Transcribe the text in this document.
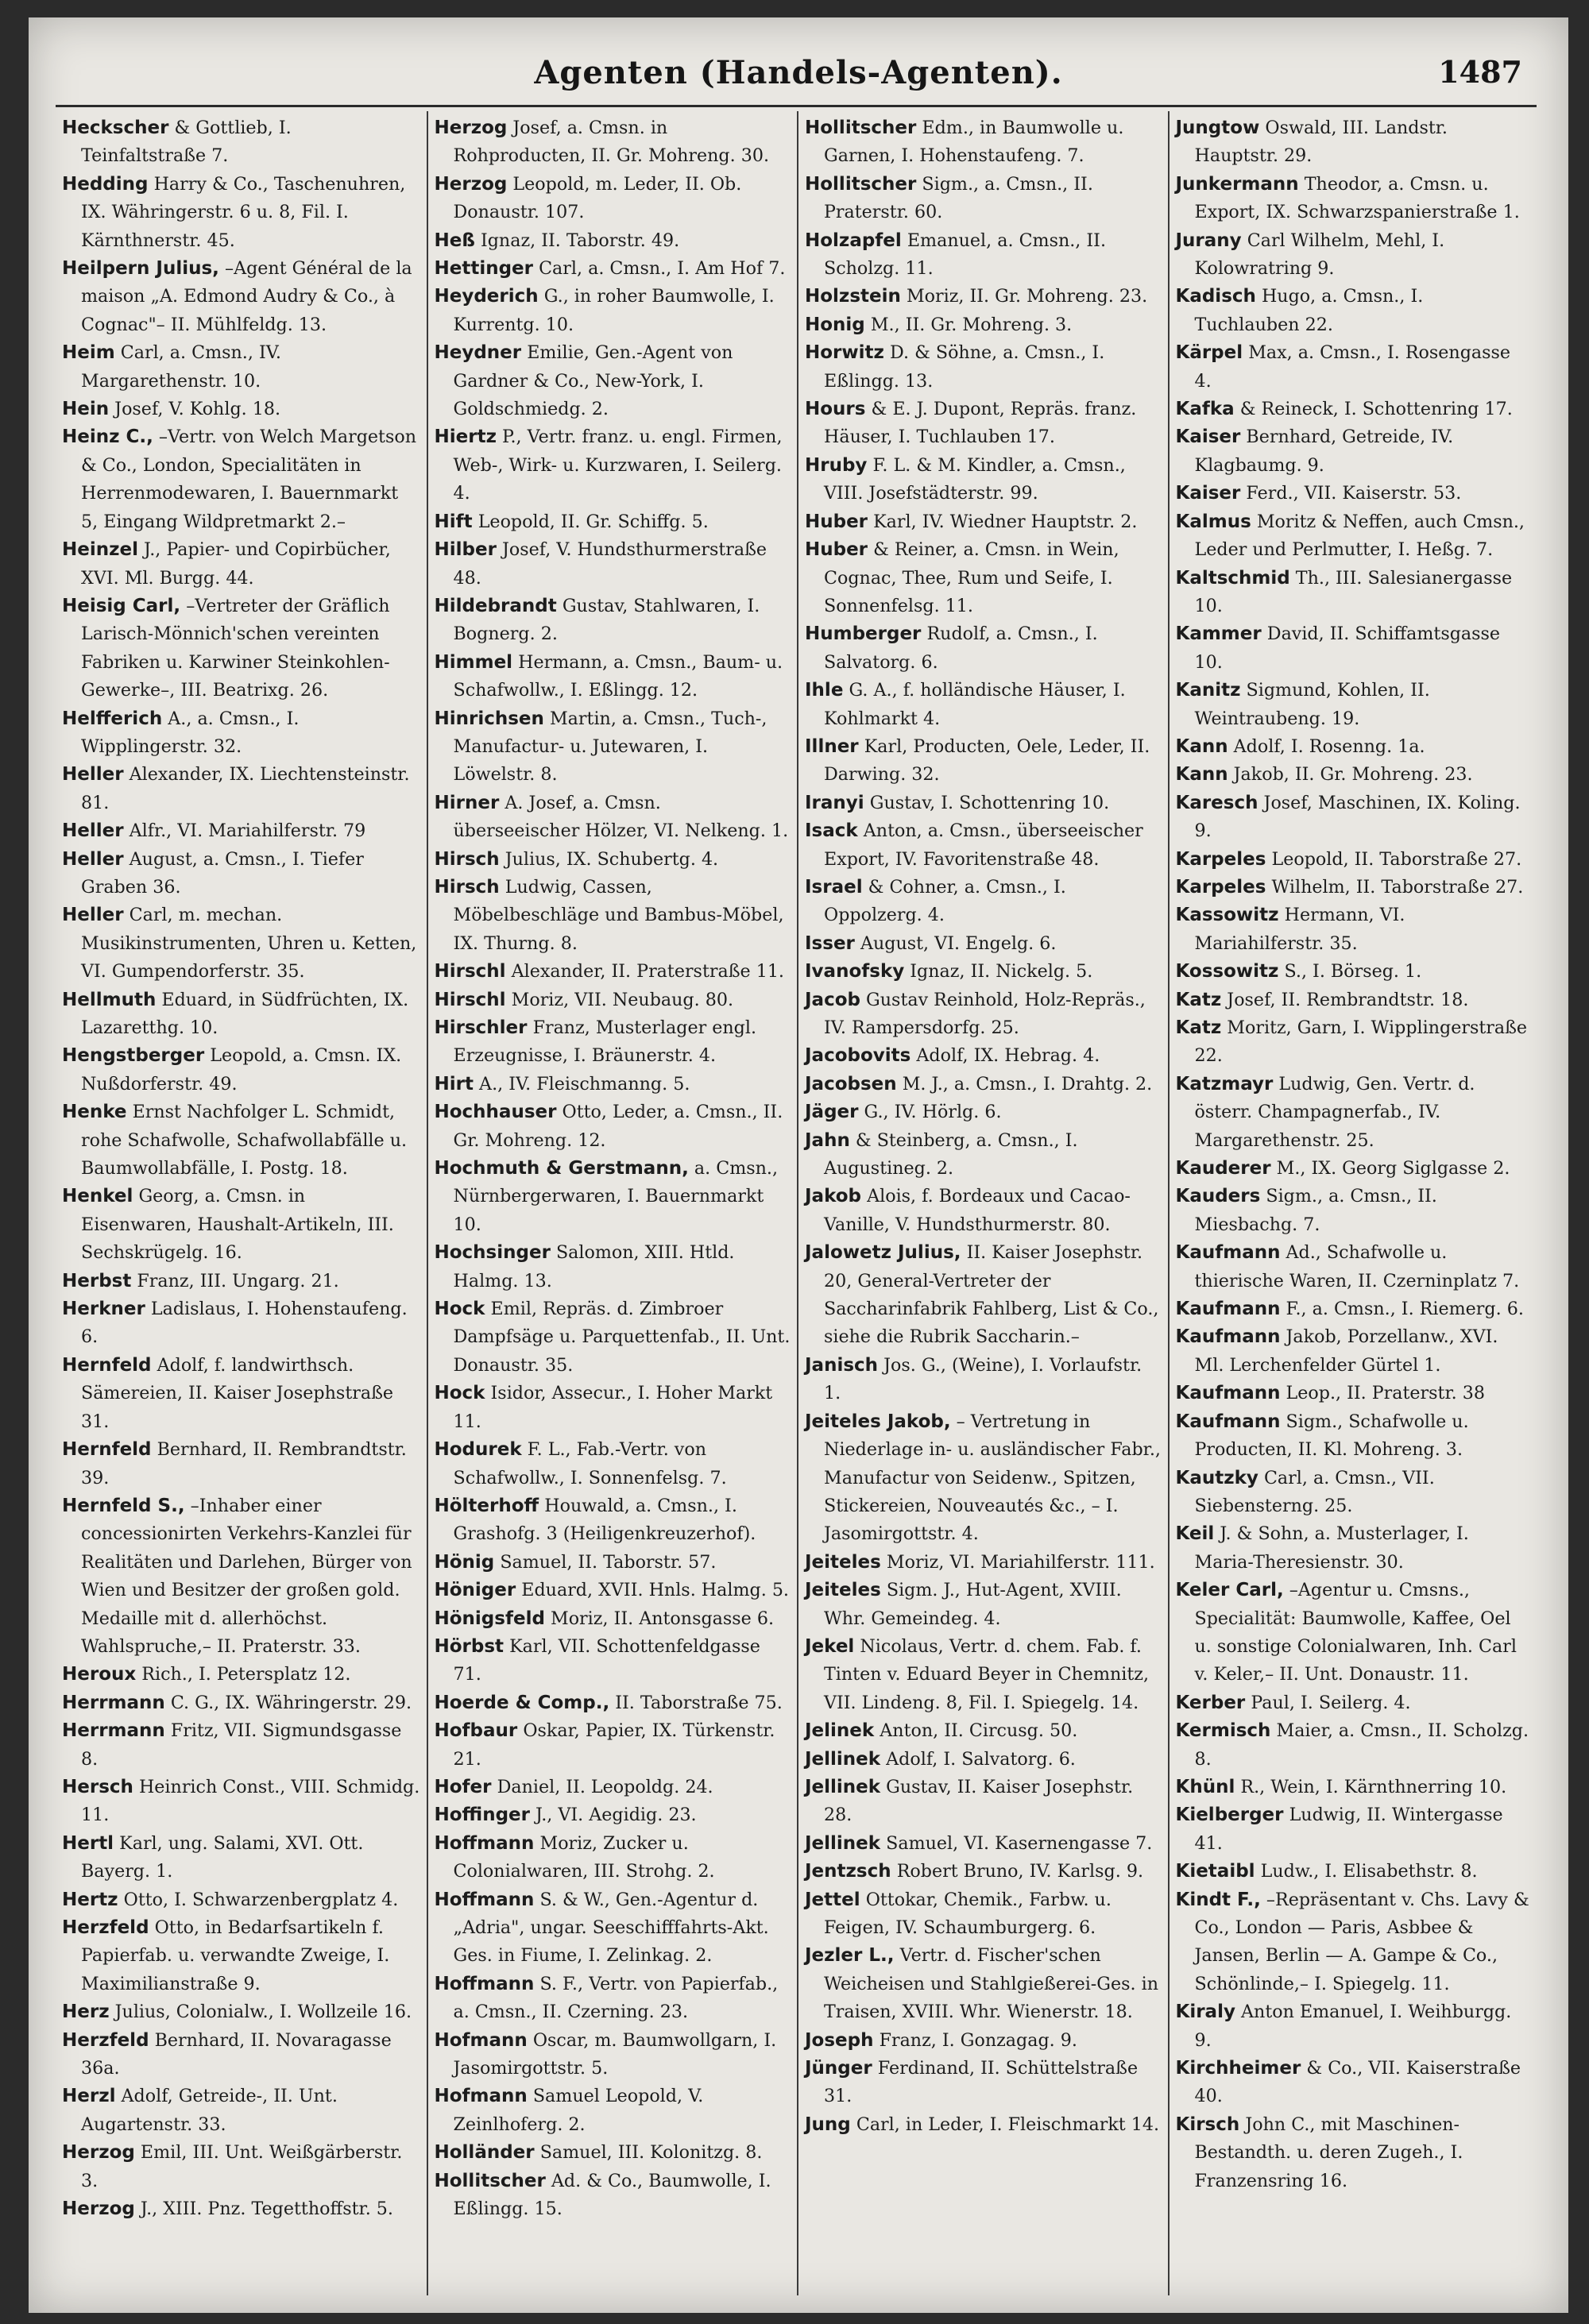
Agenten (Handels-Agenten).	1487
Heckscher & Gottlieb, I. Teinfaltstraße 7.
Hedding Harry & Co., Taschenuhren, IX. Währingerstr. 6 u. 8, Fil. I. Kärnthnerstr. 45.
Heilpern Julius, –Agent Général de la maison „A. Edmond Audry & Co., à Cognac"– II. Mühlfeldg. 13.
Heim Carl, a. Cmsn., IV. Margarethenstr. 10.
Hein Josef, V. Kohlg. 18.
Heinz C., –Vertr. von Welch Margetson & Co., London, Specialitäten in Herrenmodewaren, I. Bauernmarkt 5, Eingang Wildpretmarkt 2.–
Heinzel J., Papier- und Copirbücher, XVI. Ml. Burgg. 44.
Heisig Carl, –Vertreter der Gräflich Larisch-Mönnich'schen vereinten Fabriken u. Karwiner Steinkohlen-Gewerke–, III. Beatrixg. 26.
Helfferich A., a. Cmsn., I. Wipplingerstr. 32.
Heller Alexander, IX. Liechtensteinstr. 81.
Heller Alfr., VI. Mariahilferstr. 79
Heller August, a. Cmsn., I. Tiefer Graben 36.
Heller Carl, m. mechan. Musikinstrumenten, Uhren u. Ketten, VI. Gumpendorferstr. 35.
Hellmuth Eduard, in Südfrüchten, IX. Lazaretthg. 10.
Hengstberger Leopold, a. Cmsn. IX. Nußdorferstr. 49.
Henke Ernst Nachfolger L. Schmidt, rohe Schafwolle, Schafwollabfälle u. Baumwollabfälle, I. Postg. 18.
Henkel Georg, a. Cmsn. in Eisenwaren, Haushalt-Artikeln, III. Sechskrügelg. 16.
Herbst Franz, III. Ungarg. 21.
Herkner Ladislaus, I. Hohenstaufeng. 6.
Hernfeld Adolf, f. landwirthsch. Sämereien, II. Kaiser Josephstraße 31.
Hernfeld Bernhard, II. Rembrandtstr. 39.
Hernfeld S., –Inhaber einer concessionirten Verkehrs-Kanzlei für Realitäten und Darlehen, Bürger von Wien und Besitzer der großen gold. Medaille mit d. allerhöchst. Wahlspruche,– II. Praterstr. 33.
Heroux Rich., I. Petersplatz 12.
Herrmann C. G., IX. Währingerstr. 29.
Herrmann Fritz, VII. Sigmundsgasse 8.
Hersch Heinrich Const., VIII. Schmidg. 11.
Hertl Karl, ung. Salami, XVI. Ott. Bayerg. 1.
Hertz Otto, I. Schwarzenbergplatz 4.
Herzfeld Otto, in Bedarfsartikeln f. Papierfab. u. verwandte Zweige, I. Maximilianstraße 9.
Herz Julius, Colonialw., I. Wollzeile 16.
Herzfeld Bernhard, II. Novaragasse 36a.
Herzl Adolf, Getreide-, II. Unt. Augartenstr. 33.
Herzog Emil, III. Unt. Weißgärberstr. 3.
Herzog J., XIII. Pnz. Tegetthoffstr. 5.
Herzog Josef, a. Cmsn. in Rohproducten, II. Gr. Mohreng. 30.
Herzog Leopold, m. Leder, II. Ob. Donaustr. 107.
Heß Ignaz, II. Taborstr. 49.
Hettinger Carl, a. Cmsn., I. Am Hof 7.
Heyderich G., in roher Baumwolle, I. Kurrentg. 10.
Heydner Emilie, Gen.-Agent von Gardner & Co., New-York, I. Goldschmiedg. 2.
Hiertz P., Vertr. franz. u. engl. Firmen, Web-, Wirk- u. Kurzwaren, I. Seilerg. 4.
Hift Leopold, II. Gr. Schiffg. 5.
Hilber Josef, V. Hundsthurmerstraße 48.
Hildebrandt Gustav, Stahlwaren, I. Bognerg. 2.
Himmel Hermann, a. Cmsn., Baum- u. Schafwollw., I. Eßlingg. 12.
Hinrichsen Martin, a. Cmsn., Tuch-, Manufactur- u. Jutewaren, I. Löwelstr. 8.
Hirner A. Josef, a. Cmsn. überseeischer Hölzer, VI. Nelkeng. 1.
Hirsch Julius, IX. Schubertg. 4.
Hirsch Ludwig, Cassen, Möbelbeschläge und Bambus-Möbel, IX. Thurng. 8.
Hirschl Alexander, II. Praterstraße 11.
Hirschl Moriz, VII. Neubaug. 80.
Hirschler Franz, Musterlager engl. Erzeugnisse, I. Bräunerstr. 4.
Hirt A., IV. Fleischmanng. 5.
Hochhauser Otto, Leder, a. Cmsn., II. Gr. Mohreng. 12.
Hochmuth & Gerstmann, a. Cmsn., Nürnbergerwaren, I. Bauernmarkt 10.
Hochsinger Salomon, XIII. Htld. Halmg. 13.
Hock Emil, Repräs. d. Zimbroer Dampfsäge u. Parquettenfab., II. Unt. Donaustr. 35.
Hock Isidor, Assecur., I. Hoher Markt 11.
Hodurek F. L., Fab.-Vertr. von Schafwollw., I. Sonnenfelsg. 7.
Hölterhoff Houwald, a. Cmsn., I. Grashofg. 3 (Heiligenkreuzerhof).
Hönig Samuel, II. Taborstr. 57.
Höniger Eduard, XVII. Hnls. Halmg. 5.
Hönigsfeld Moriz, II. Antonsgasse 6.
Hörbst Karl, VII. Schottenfeldgasse 71.
Hoerde & Comp., II. Taborstraße 75.
Hofbaur Oskar, Papier, IX. Türkenstr. 21.
Hofer Daniel, II. Leopoldg. 24.
Hoffinger J., VI. Aegidig. 23.
Hoffmann Moriz, Zucker u. Colonialwaren, III. Strohg. 2.
Hoffmann S. & W., Gen.-Agentur d. „Adria", ungar. Seeschifffahrts-Akt. Ges. in Fiume, I. Zelinkag. 2.
Hoffmann S. F., Vertr. von Papierfab., a. Cmsn., II. Czerning. 23.
Hofmann Oscar, m. Baumwollgarn, I. Jasomirgottstr. 5.
Hofmann Samuel Leopold, V. Zeinlhoferg. 2.
Holländer Samuel, III. Kolonitzg. 8.
Hollitscher Ad. & Co., Baumwolle, I. Eßlingg. 15.
Hollitscher Edm., in Baumwolle u. Garnen, I. Hohenstaufeng. 7.
Hollitscher Sigm., a. Cmsn., II. Praterstr. 60.
Holzapfel Emanuel, a. Cmsn., II. Scholzg. 11.
Holzstein Moriz, II. Gr. Mohreng. 23.
Honig M., II. Gr. Mohreng. 3.
Horwitz D. & Söhne, a. Cmsn., I. Eßlingg. 13.
Hours & E. J. Dupont, Repräs. franz. Häuser, I. Tuchlauben 17.
Hruby F. L. & M. Kindler, a. Cmsn., VIII. Josefstädterstr. 99.
Huber Karl, IV. Wiedner Hauptstr. 2.
Huber & Reiner, a. Cmsn. in Wein, Cognac, Thee, Rum und Seife, I. Sonnenfelsg. 11.
Humberger Rudolf, a. Cmsn., I. Salvatorg. 6.
Ihle G. A., f. holländische Häuser, I. Kohlmarkt 4.
Illner Karl, Producten, Oele, Leder, II. Darwing. 32.
Iranyi Gustav, I. Schottenring 10.
Isack Anton, a. Cmsn., überseeischer Export, IV. Favoritenstraße 48.
Israel & Cohner, a. Cmsn., I. Oppolzerg. 4.
Isser August, VI. Engelg. 6.
Ivanofsky Ignaz, II. Nickelg. 5.
Jacob Gustav Reinhold, Holz-Repräs., IV. Rampersdorfg. 25.
Jacobovits Adolf, IX. Hebrag. 4.
Jacobsen M. J., a. Cmsn., I. Drahtg. 2.
Jäger G., IV. Hörlg. 6.
Jahn & Steinberg, a. Cmsn., I. Augustineg. 2.
Jakob Alois, f. Bordeaux und Cacao-Vanille, V. Hundsthurmerstr. 80.
Jalowetz Julius, II. Kaiser Josephstr. 20, General-Vertreter der Saccharinfabrik Fahlberg, List & Co., siehe die Rubrik Saccharin.–
Janisch Jos. G., (Weine), I. Vorlaufstr. 1.
Jeiteles Jakob, – Vertretung in Niederlage in- u. ausländischer Fabr., Manufactur von Seidenw., Spitzen, Stickereien, Nouveautés &c., – I. Jasomirgottstr. 4.
Jeiteles Moriz, VI. Mariahilferstr. 111.
Jeiteles Sigm. J., Hut-Agent, XVIII. Whr. Gemeindeg. 4.
Jekel Nicolaus, Vertr. d. chem. Fab. f. Tinten v. Eduard Beyer in Chemnitz, VII. Lindeng. 8, Fil. I. Spiegelg. 14.
Jelinek Anton, II. Circusg. 50.
Jellinek Adolf, I. Salvatorg. 6.
Jellinek Gustav, II. Kaiser Josephstr. 28.
Jellinek Samuel, VI. Kasernengasse 7.
Jentzsch Robert Bruno, IV. Karlsg. 9.
Jettel Ottokar, Chemik., Farbw. u. Feigen, IV. Schaumburgerg. 6.
Jezler L., Vertr. d. Fischer'schen Weicheisen und Stahlgießerei-Ges. in Traisen, XVIII. Whr. Wienerstr. 18.
Joseph Franz, I. Gonzagag. 9.
Jünger Ferdinand, II. Schüttelstraße 31.
Jung Carl, in Leder, I. Fleischmarkt 14.
Jungtow Oswald, III. Landstr. Hauptstr. 29.
Junkermann Theodor, a. Cmsn. u. Export, IX. Schwarzspanierstraße 1.
Jurany Carl Wilhelm, Mehl, I. Kolowratring 9.
Kadisch Hugo, a. Cmsn., I. Tuchlauben 22.
Kärpel Max, a. Cmsn., I. Rosengasse 4.
Kafka & Reineck, I. Schottenring 17.
Kaiser Bernhard, Getreide, IV. Klagbaumg. 9.
Kaiser Ferd., VII. Kaiserstr. 53.
Kalmus Moritz & Neffen, auch Cmsn., Leder und Perlmutter, I. Heßg. 7.
Kaltschmid Th., III. Salesianergasse 10.
Kammer David, II. Schiffamtsgasse 10.
Kanitz Sigmund, Kohlen, II. Weintraubeng. 19.
Kann Adolf, I. Rosenng. 1a.
Kann Jakob, II. Gr. Mohreng. 23.
Karesch Josef, Maschinen, IX. Koling. 9.
Karpeles Leopold, II. Taborstraße 27.
Karpeles Wilhelm, II. Taborstraße 27.
Kassowitz Hermann, VI. Mariahilferstr. 35.
Kossowitz S., I. Börseg. 1.
Katz Josef, II. Rembrandtstr. 18.
Katz Moritz, Garn, I. Wipplingerstraße 22.
Katzmayr Ludwig, Gen. Vertr. d. österr. Champagnerfab., IV. Margarethenstr. 25.
Kauderer M., IX. Georg Siglgasse 2.
Kauders Sigm., a. Cmsn., II. Miesbachg. 7.
Kaufmann Ad., Schafwolle u. thierische Waren, II. Czerninplatz 7.
Kaufmann F., a. Cmsn., I. Riemerg. 6.
Kaufmann Jakob, Porzellanw., XVI. Ml. Lerchenfelder Gürtel 1.
Kaufmann Leop., II. Praterstr. 38
Kaufmann Sigm., Schafwolle u. Producten, II. Kl. Mohreng. 3.
Kautzky Carl, a. Cmsn., VII. Siebensterng. 25.
Keil J. & Sohn, a. Musterlager, I. Maria-Theresienstr. 30.
Keler Carl, –Agentur u. Cmsns., Specialität: Baumwolle, Kaffee, Oel u. sonstige Colonialwaren, Inh. Carl v. Keler,– II. Unt. Donaustr. 11.
Kerber Paul, I. Seilerg. 4.
Kermisch Maier, a. Cmsn., II. Scholzg. 8.
Khünl R., Wein, I. Kärnthnerring 10.
Kielberger Ludwig, II. Wintergasse 41.
Kietaibl Ludw., I. Elisabethstr. 8.
Kindt F., –Repräsentant v. Chs. Lavy & Co., London — Paris, Asbbee & Jansen, Berlin — A. Gampe & Co., Schönlinde,– I. Spiegelg. 11.
Kiraly Anton Emanuel, I. Weihburgg. 9.
Kirchheimer & Co., VII. Kaiserstraße 40.
Kirsch John C., mit Maschinen-Bestandth. u. deren Zugeh., I. Franzensring 16.
